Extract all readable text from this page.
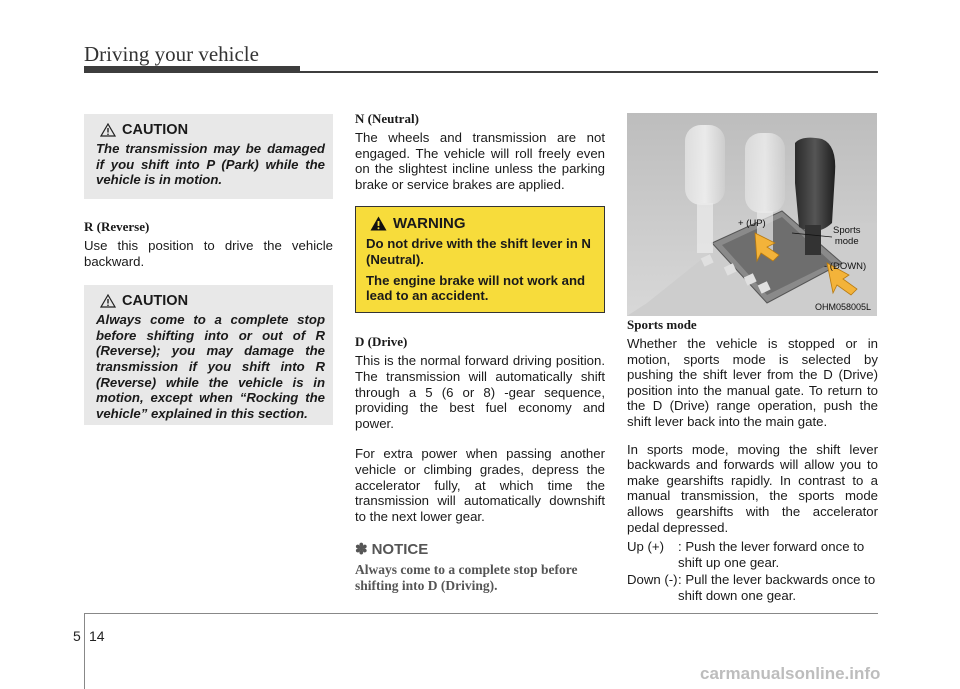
Driving your vehicle
CAUTION
The transmission may be damaged if you shift into P (Park) while the vehicle is in motion.

R (Reverse)

Use this position to drive the vehicle backward.

CAUTION
Always come to a complete stop before shifting into or out of R (Reverse); you may damage the transmission if you shift into R (Reverse) while the vehicle is in motion, except when “Rocking the vehicle” explained in this section.

N (Neutral)

The wheels and transmission are not engaged. The vehicle will roll freely even on the slightest incline unless the parking brake or service brakes are applied.

WARNING

Do not drive with the shift lever in N (Neutral).

The engine brake will not work and lead to an accident.

D (Drive)

This is the normal forward driving position. The transmission will automatically shift through a 5 (6 or 8) -gear sequence, providing the best fuel economy and power.

For extra power when passing another vehicle or climbing grades, depress the accelerator fully, at which time the transmission will automatically downshift to the next lower gear.

✽ NOTICE
Always come to a complete stop before shifting into D (Driving).
+ (UP)
Sports
mode
- (DOWN)
OHM058005L

Sports mode

Whether the vehicle is stopped or in motion, sports mode is selected by pushing the shift lever from the D (Drive) position into the manual gate. To return to the D (Drive) range operation, push the shift lever back into the main gate.

In sports mode, moving the shift lever backwards and forwards will allow you to make gearshifts rapidly. In contrast to a manual transmission, the sports mode allows gearshifts with the accelerator pedal depressed.

Up (+)	: Push the lever forward once to shift up one gear.
Down (-) : Pull the lever backwards once to shift down one gear.
5 14
carmanualsonline.info
